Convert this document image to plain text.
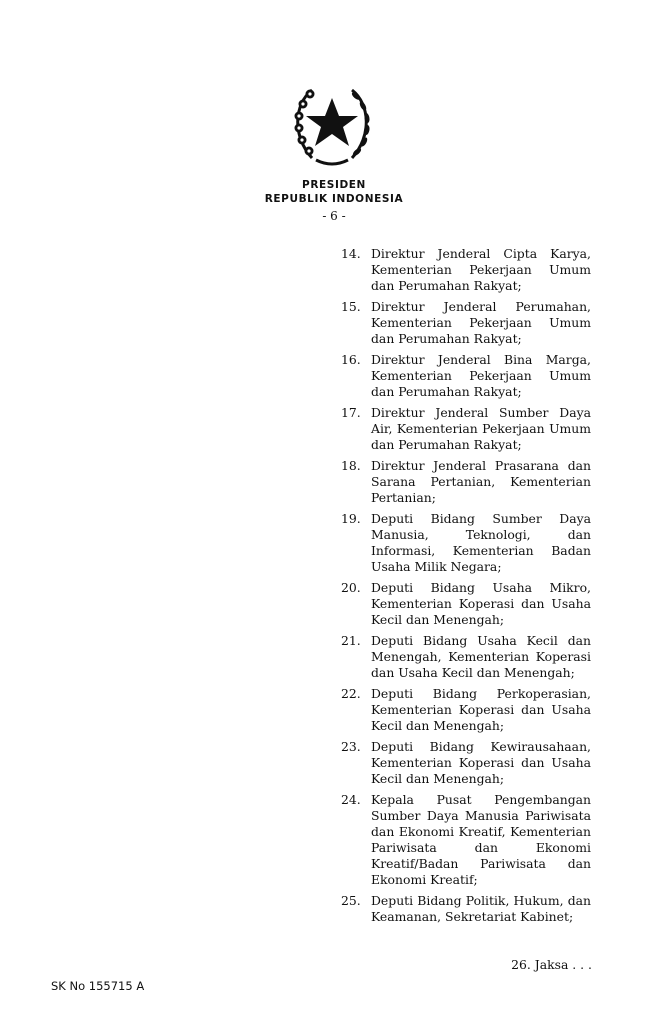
PRESIDEN
REPUBLIK INDONESIA
- 6 -
14. Direktur Jenderal Cipta Karya, Kementerian Pekerjaan Umum dan Perumahan Rakyat;
15. Direktur Jenderal Perumahan, Kementerian Pekerjaan Umum dan Perumahan Rakyat;
16. Direktur Jenderal Bina Marga, Kementerian Pekerjaan Umum dan Perumahan Rakyat;
17. Direktur Jenderal Sumber Daya Air, Kementerian Pekerjaan Umum dan Perumahan Rakyat;
18. Direktur Jenderal Prasarana dan Sarana Pertanian, Kementerian Pertanian;
19. Deputi Bidang Sumber Daya Manusia, Teknologi, dan Informasi, Kementerian Badan Usaha Milik Negara;
20. Deputi Bidang Usaha Mikro, Kementerian Koperasi dan Usaha Kecil dan Menengah;
21. Deputi Bidang Usaha Kecil dan Menengah, Kementerian Koperasi dan Usaha Kecil dan Menengah;
22. Deputi Bidang Perkoperasian, Kementerian Koperasi dan Usaha Kecil dan Menengah;
23. Deputi Bidang Kewirausahaan, Kementerian Koperasi dan Usaha Kecil dan Menengah;
24. Kepala Pusat Pengembangan Sumber Daya Manusia Pariwisata dan Ekonomi Kreatif, Kementerian Pariwisata dan Ekonomi Kreatif/Badan Pariwisata dan Ekonomi Kreatif;
25. Deputi Bidang Politik, Hukum, dan Keamanan, Sekretariat Kabinet;
26. Jaksa . . .
SK No 155715 A
